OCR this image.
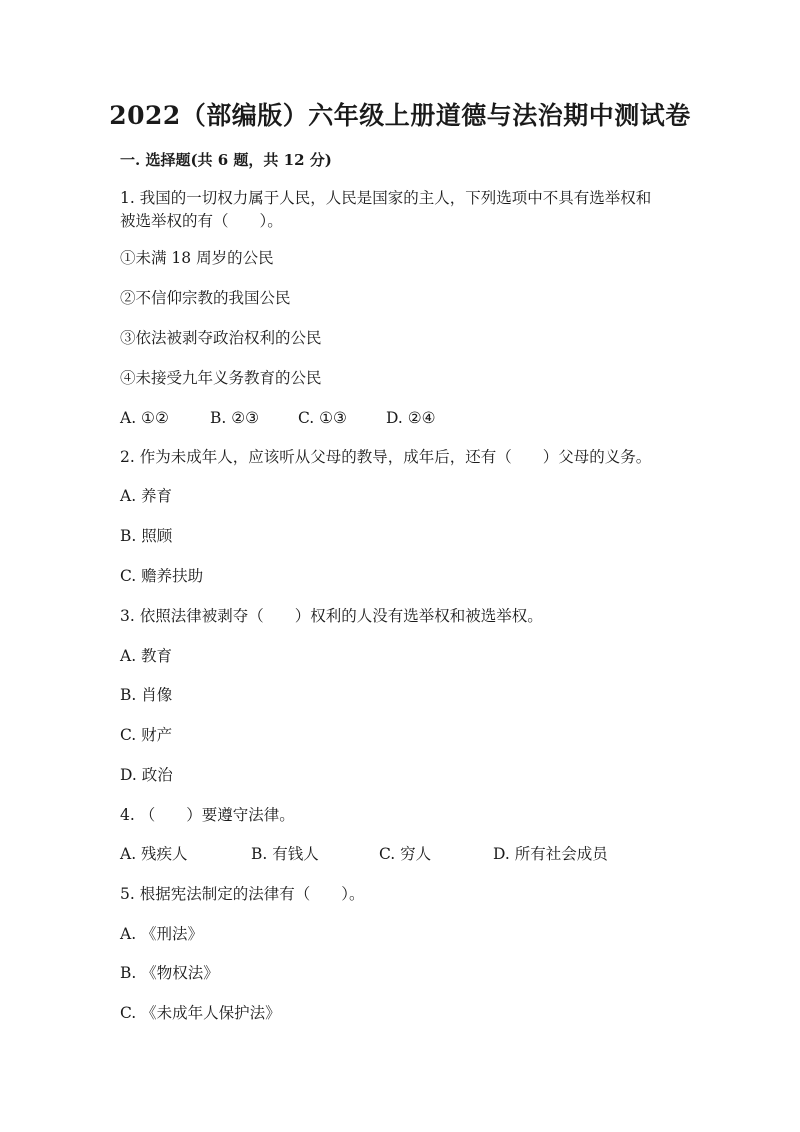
2022（部编版）六年级上册道德与法治期中测试卷
一. 选择题(共 6 题，共 12 分)
1. 我国的一切权力属于人民，人民是国家的主人，下列选项中不具有选举权和
被选举权的有（　　）。
①未满 18 周岁的公民
②不信仰宗教的我国公民
③依法被剥夺政治权利的公民
④未接受九年义务教育的公民
A. ①②	B. ②③	C. ①③	D. ②④
2. 作为未成年人，应该听从父母的教导，成年后，还有（　　）父母的义务。
A. 养育
B. 照顾
C. 赡养扶助
3. 依照法律被剥夺（　　）权利的人没有选举权和被选举权。
A. 教育
B. 肖像
C. 财产
D. 政治
4. （　　）要遵守法律。
A. 残疾人	B. 有钱人	C. 穷人	D. 所有社会成员
5. 根据宪法制定的法律有（　　）。
A. 《刑法》
B. 《物权法》
C. 《未成年人保护法》
